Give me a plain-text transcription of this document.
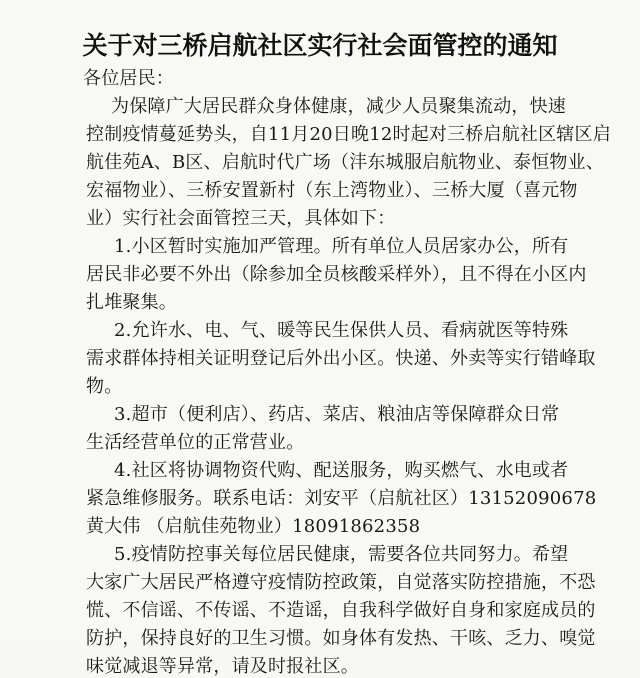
关于对三桥启航社区实行社会面管控的通知
各位居民：
为保障广大居民群众身体健康，减少人员聚集流动，快速
控制疫情蔓延势头，自11月20日晚12时起对三桥启航社区辖区启
航佳苑A、B区、启航时代广场（沣东城服启航物业、泰恒物业、
宏福物业）、三桥安置新村（东上湾物业）、三桥大厦（喜元物
业）实行社会面管控三天，具体如下：
1.小区暂时实施加严管理。所有单位人员居家办公，所有
居民非必要不外出（除参加全员核酸采样外），且不得在小区内
扎堆聚集。
2.允许水、电、气、暖等民生保供人员、看病就医等特殊
需求群体持相关证明登记后外出小区。快递、外卖等实行错峰取
物。
3.超市（便利店）、药店、菜店、粮油店等保障群众日常
生活经营单位的正常营业。
4.社区将协调物资代购、配送服务，购买燃气、水电或者
紧急维修服务。联系电话：刘安平（启航社区）13152090678
黄大伟 （启航佳苑物业）18091862358
5.疫情防控事关每位居民健康，需要各位共同努力。希望
大家广大居民严格遵守疫情防控政策，自觉落实防控措施，不恐
慌、不信谣、不传谣、不造谣，自我科学做好自身和家庭成员的
防护，保持良好的卫生习惯。如身体有发热、干咳、乏力、嗅觉
味觉减退等异常，请及时报社区。
